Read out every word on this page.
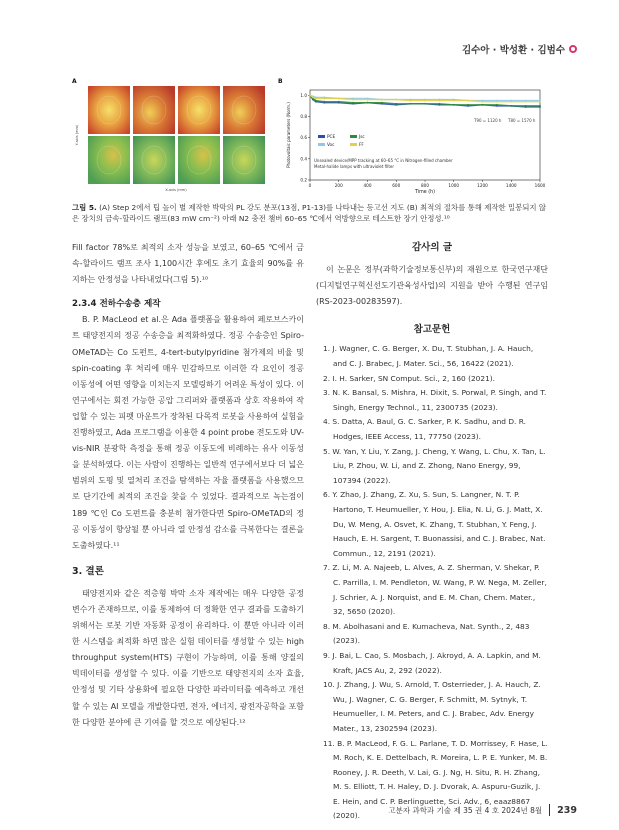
김수아 · 박성환 · 김범수
A
Y-axis (mm)
X-axis (mm)
B
0	200	400	600	800	1000	1200	1400	1600
0.2
0.4
0.6
0.8
1.0
Time (h)
Photovoltaic parameters (Norm.)	PCE	Jsc
Voc	FF
T90 = 1120 h T80 = 1570 h
Unsealed device/MPP tracking at 60–65 °C in Nitrogen-filled chamber
Metal-halide lamps with ultraviolet filter
그림 5. (A) Step 2에서 팁 높이 별 제작한 박막의 PL 강도 분포(13점, P1-13)를 나타내는 등고선 지도 (B) 최적의 절차를 통해 제작한 밀봉되지 않은 장치의 금속-할라이드 램프(83 mW cm⁻²) 아래 N2 충전 챔버 60–65 ℃에서 역방향으로 테스트한 장기 안정성.¹⁰

Fill factor 78%로 최적의 소자 성능을 보였고, 60–65 ℃에서 금속-할라이드 램프 조사 1,100시간 후에도 초기 효율의 90%를 유지하는 안정성을 나타내었다(그림 5).¹⁰

2.3.4 전하수송층 제작

B. P. MacLeod et al.은 Ada 플랫폼을 활용하여 페로브스카이트 태양전지의 정공 수송층을 최적화하였다. 정공 수송층인 Spiro-OMeTAD는 Co 도펀트, 4-tert-butylpyridine 첨가제의 비율 및 spin-coating 후 처리에 매우 민감하므로 이러한 각 요인이 정공 이동성에 어떤 영향을 미치는지 모델링하기 어려운 특성이 있다. 이 연구에서는 회전 가능한 공압 그리퍼와 플랫폼과 상호 작용하여 작업할 수 있는 피펫 마운트가 장착된 다목적 로봇을 사용하여 실험을 진행하였고, Ada 프로그램을 이용한 4 point probe 전도도와 UV-vis-NIR 분광학 측정을 통해 정공 이동도에 비례하는 유사 이동성을 분석하였다. 이는 사람이 진행하는 일반적 연구에서보다 더 넓은 범위의 도핑 및 열처리 조건을 탐색하는 자율 플랫폼을 사용했으므로 단기간에 최적의 조건을 찾을 수 있었다. 결과적으로 녹는점이 189 ℃인 Co 도펀트를 충분히 첨가한다면 Spiro-OMeTAD의 정공 이동성이 향상될 뿐 아니라 열 안정성 감소를 극복한다는 결론을 도출하였다.¹¹

3. 결론

태양전지와 같은 적층형 박막 소자 제작에는 매우 다양한 공정 변수가 존재하므로, 이를 통제하여 더 정확한 연구 결과를 도출하기 위해서는 로봇 기반 자동화 공정이 유리하다. 이 뿐만 아니라 이러한 시스템을 최적화 하면 많은 실험 데이터를 생성할 수 있는 high throughput system(HTS) 구현이 가능하며, 이를 통해 양질의 빅데이터를 생성할 수 있다. 이를 기반으로 태양전지의 소자 효율, 안정성 및 기타 상용화에 필요한 다양한 파라미터를 예측하고 개선할 수 있는 AI 모델을 개발한다면, 전자, 에너지, 광전자공학을 포함한 다양한 분야에 큰 기여를 할 것으로 예상된다.¹²

감사의 글

이 논문은 정부(과학기술정보통신부)의 재원으로 한국연구재단(디지털연구혁신선도기관육성사업)의 지원을 받아 수행된 연구임(RS-2023-00283597).

참고문헌

1. J. Wagner, C. G. Berger, X. Du, T. Stubhan, J. A. Hauch, and C. J. Brabec, J. Mater. Sci., 56, 16422 (2021).

2. I. H. Sarker, SN Comput. Sci., 2, 160 (2021).

3. N. K. Bansal, S. Mishra, H. Dixit, S. Porwal, P. Singh, and T. Singh, Energy Technol., 11, 2300735 (2023).

4. S. Datta, A. Baul, G. C. Sarker, P. K. Sadhu, and D. R. Hodges, IEEE Access, 11, 77750 (2023).

5. W. Yan, Y. Liu, Y. Zang, J. Cheng, Y. Wang, L. Chu, X. Tan, L. Liu, P. Zhou, W. Li, and Z. Zhong, Nano Energy, 99, 107394 (2022).

6. Y. Zhao, J. Zhang, Z. Xu, S. Sun, S. Langner, N. T. P. Hartono, T. Heumueller, Y. Hou, J. Elia, N. Li, G. J. Matt, X. Du, W. Meng, A. Osvet, K. Zhang, T. Stubhan, Y. Feng, J. Hauch, E. H. Sargent, T. Buonassisi, and C. J. Brabec, Nat. Commun., 12, 2191 (2021).

7. Z. Li, M. A. Najeeb, L. Alves, A. Z. Sherman, V. Shekar, P. C. Parrilla, I. M. Pendleton, W. Wang, P. W. Nega, M. Zeller, J. Schrier, A. J. Norquist, and E. M. Chan, Chem. Mater., 32, 5650 (2020).

8. M. Abolhasani and E. Kumacheva, Nat. Synth., 2, 483 (2023).

9. J. Bai, L. Cao, S. Mosbach, J. Akroyd, A. A. Lapkin, and M. Kraft, JACS Au, 2, 292 (2022).

10. J. Zhang, J. Wu, S. Arnold, T. Osterrieder, J. A. Hauch, Z. Wu, J. Wagner, C. G. Berger, F. Schmitt, M. Sytnyk, T. Heumueller, I. M. Peters, and C. J. Brabec, Adv. Energy Mater., 13, 2302594 (2023).

11. B. P. MacLeod, F. G. L. Parlane, T. D. Morrissey, F. Hase, L. M. Roch, K. E. Dettelbach, R. Moreira, L. P. E. Yunker, M. B. Rooney, J. R. Deeth, V. Lai, G. J. Ng, H. Situ, R. H. Zhang, M. S. Elliott, T. H. Haley, D. J. Dvorak, A. Aspuru-Guzik, J. E. Hein, and C. P. Berlinguette, Sci. Adv., 6, eaaz8867 (2020).

고분자 과학과 기술 제 35 권 4 호 2024년 8월 239
